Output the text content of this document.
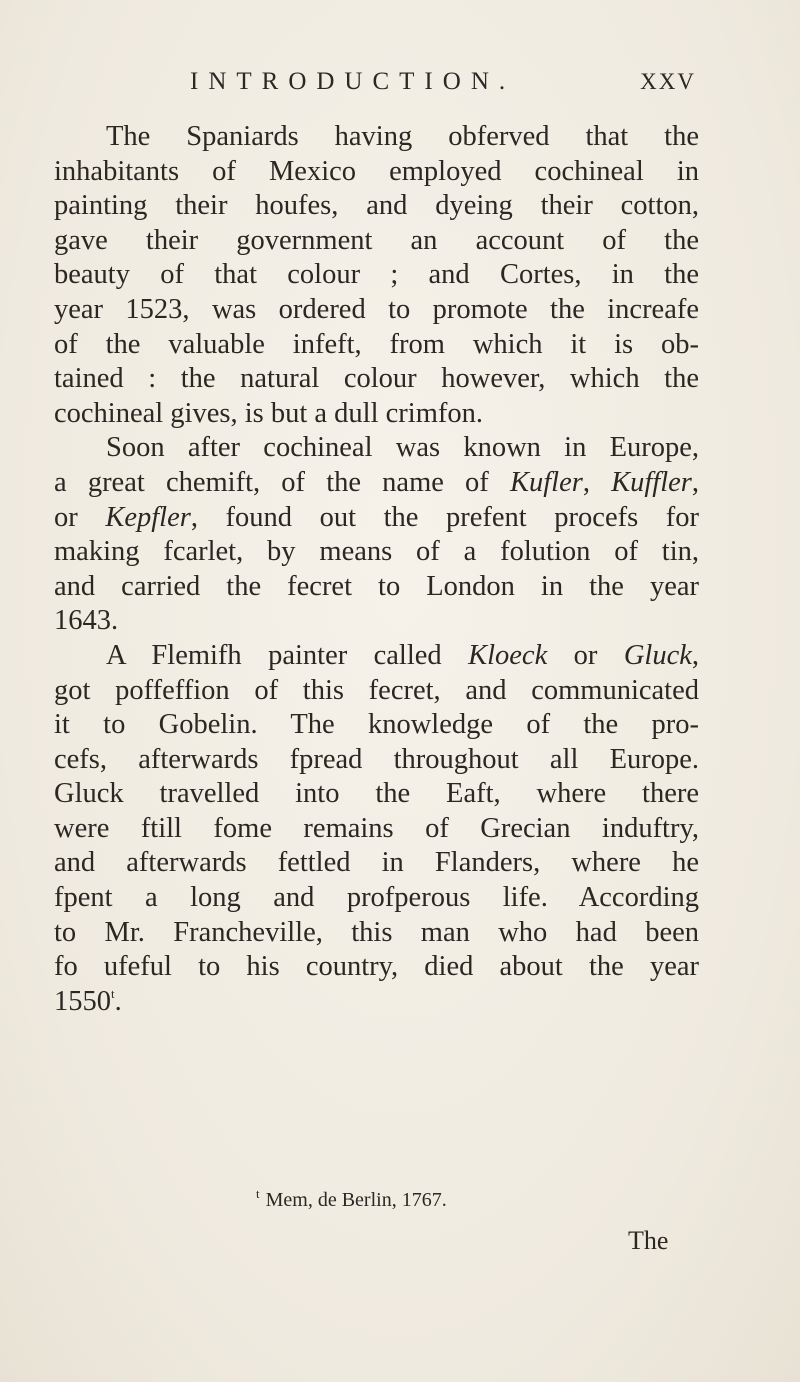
INTRODUCTION.	XXV
The Spaniards having obferved that the
inhabitants of Mexico employed cochineal in
painting their houfes, and dyeing their cotton,
gave their government an account of the
beauty of that colour ; and Cortes, in the
year 1523, was ordered to promote the increafe
of the valuable infeft, from which it is ob-
tained : the natural colour however, which the
cochineal gives, is but a dull crimfon.
Soon after cochineal was known in Europe,
a great chemift, of the name of Kufler, Kuffler,
or Kepfler, found out the prefent procefs for
making fcarlet, by means of a folution of tin,
and carried the fecret to London in the year
1643.
A Flemifh painter called Kloeck or Gluck,
got poffeffion of this fecret, and communicated
it to Gobelin. The knowledge of the pro-
cefs, afterwards fpread throughout all Europe.
Gluck travelled into the Eaft, where there
were ftill fome remains of Grecian induftry,
and afterwards fettled in Flanders, where he
fpent a long and profperous life. According
to Mr. Francheville, this man who had been
fo ufeful to his country, died about the year
1550$^t$.
$^t$ Mem, de Berlin, 1767.
The
